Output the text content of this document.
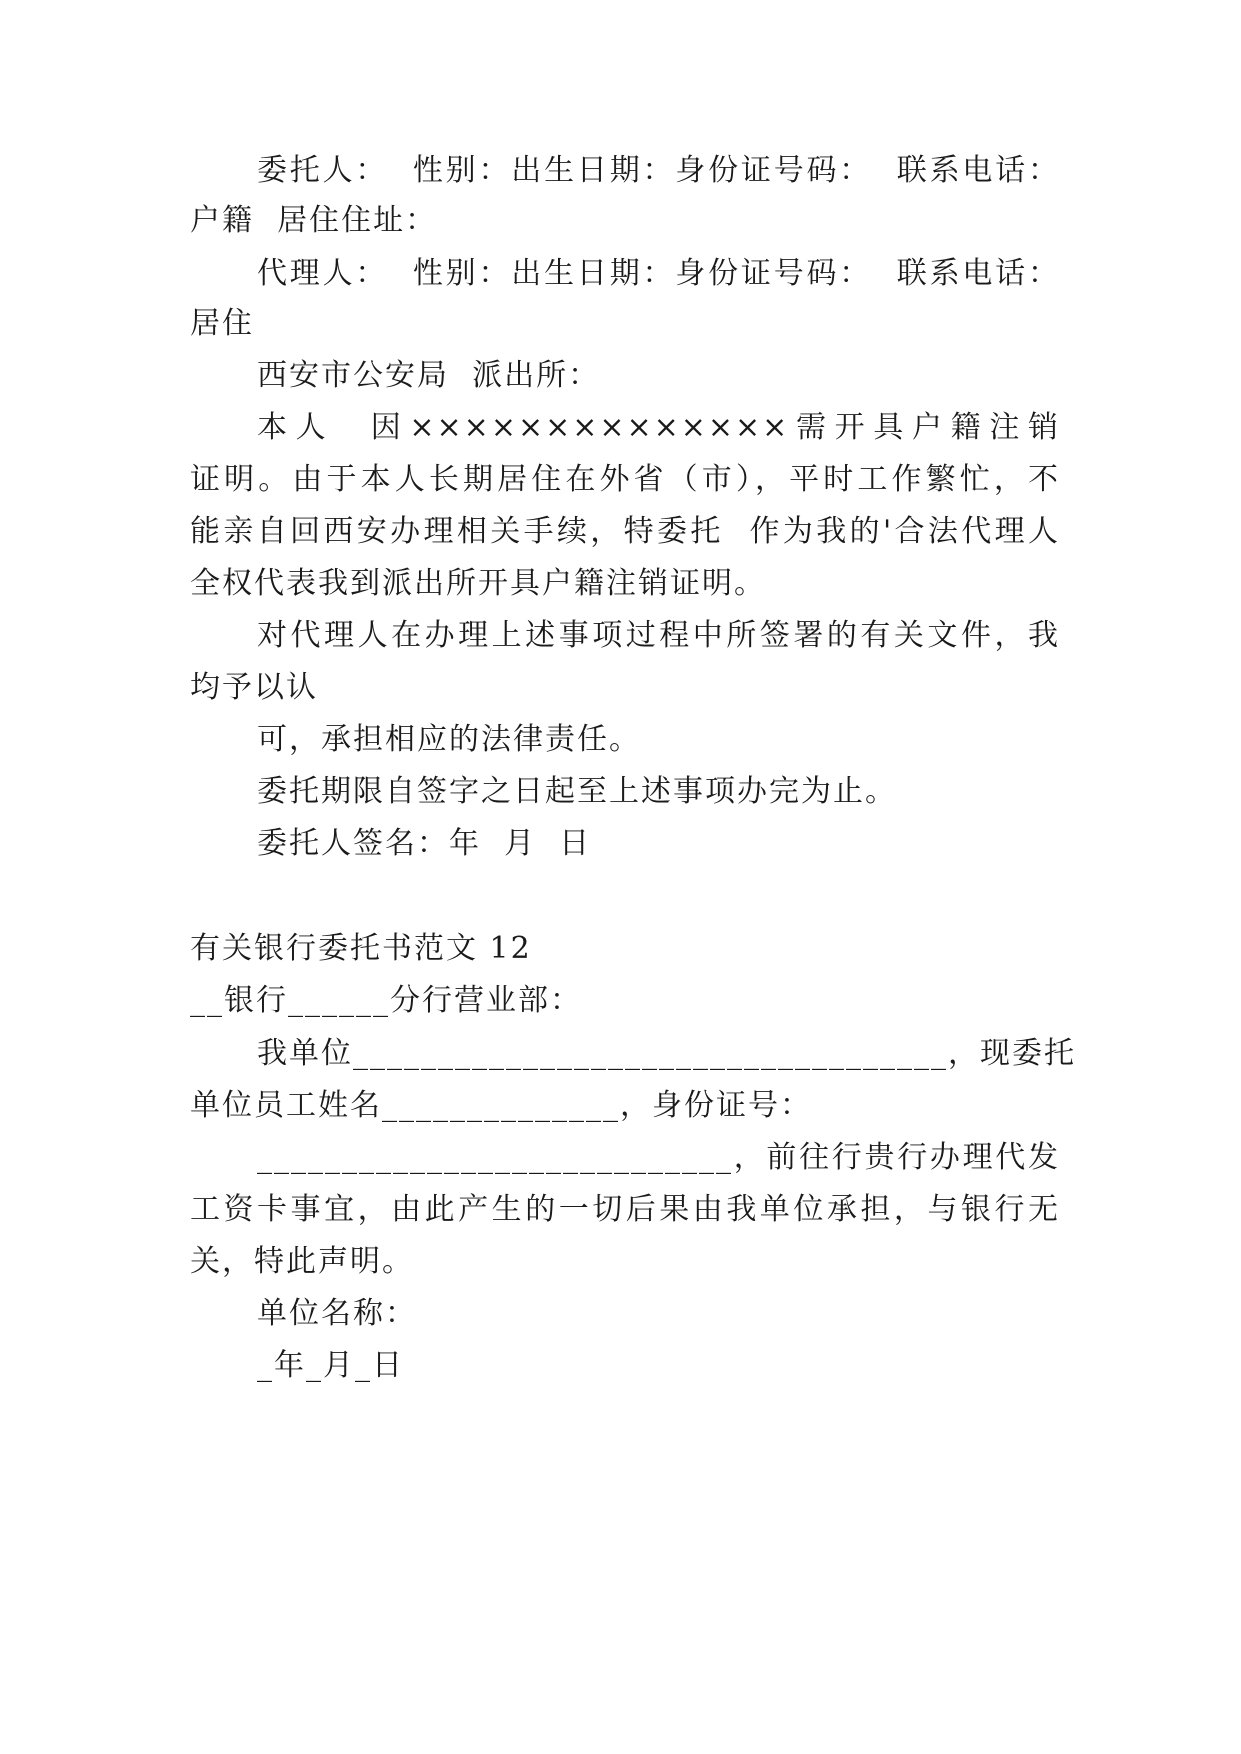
委托人：  性别：出生日期：身份证号码：  联系电话：
户籍  居住住址：
代理人：  性别：出生日期：身份证号码：  联系电话：
居住
西安市公安局  派出所：
本人  因××××××××××××××需开具户籍注销
证明。由于本人长期居住在外省（市），平时工作繁忙，不
能亲自回西安办理相关手续，特委托  作为我的'合法代理人
全权代表我到派出所开具户籍注销证明。
对代理人在办理上述事项过程中所签署的有关文件，我
均予以认
可，承担相应的法律责任。
委托期限自签字之日起至上述事项办完为止。
委托人签名：年  月  日
有关银行委托书范文 12
__银行______分行营业部：
我单位___________________________________，现委托
单位员工姓名______________，身份证号：
____________________________，前往行贵行办理代发
工资卡事宜，由此产生的一切后果由我单位承担，与银行无
关，特此声明。
单位名称：
_年_月_日
